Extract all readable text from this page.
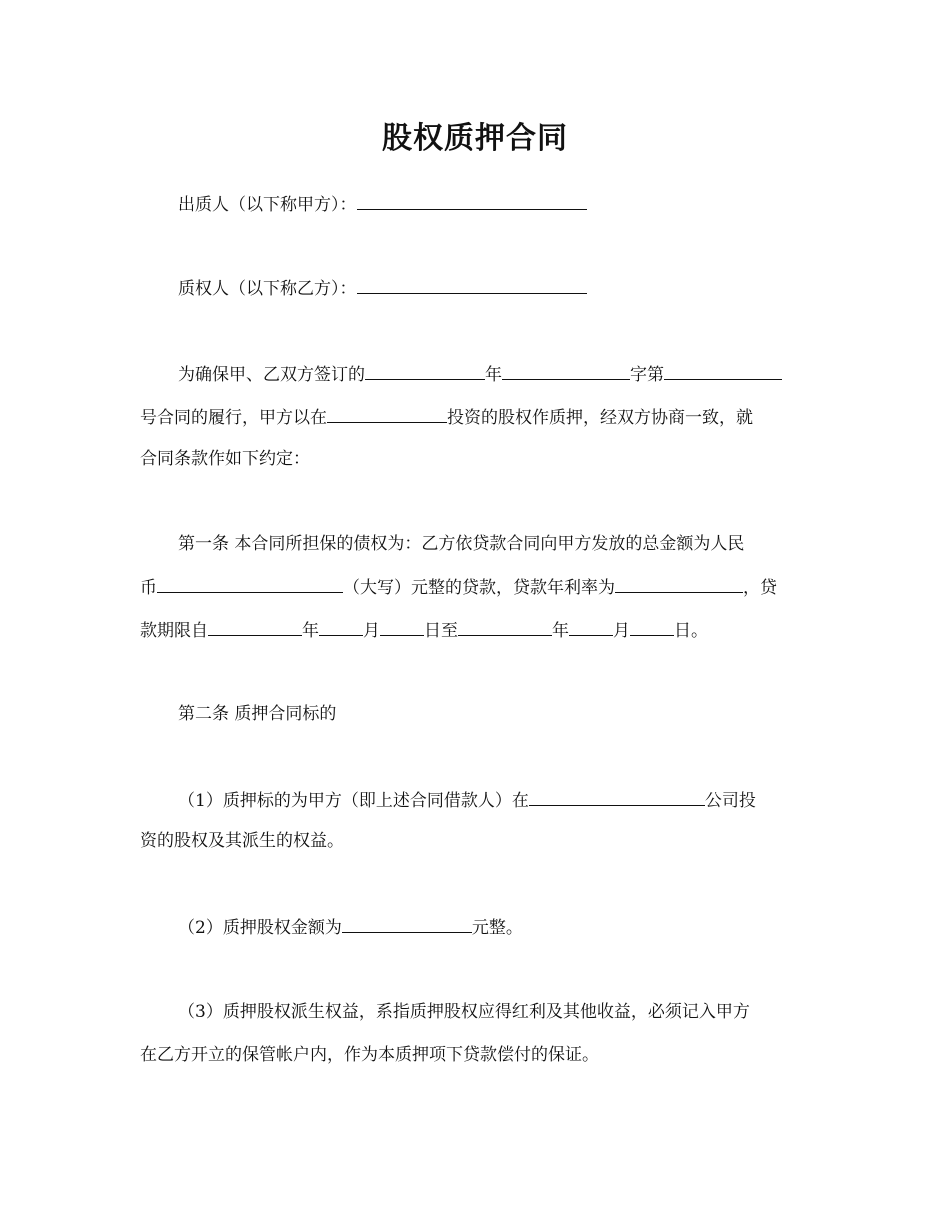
股权质押合同
出质人（以下称甲方）：
质权人（以下称乙方）：
为确保甲、乙双方签订的	年	字第
号合同的履行，甲方以在	投资的股权作质押，经双方协商一致，就
合同条款作如下约定：
第一条 本合同所担保的债权为：乙方依贷款合同向甲方发放的总金额为人民
币	（大写）元整的贷款，贷款年利率为	，贷
款期限自	年	月	日至	年	月	日。
第二条 质押合同标的
（1）质押标的为甲方（即上述合同借款人）在	公司投
资的股权及其派生的权益。
（2）质押股权金额为	元整。
（3）质押股权派生权益，系指质押股权应得红利及其他收益，必须记入甲方
在乙方开立的保管帐户内，作为本质押项下贷款偿付的保证。
